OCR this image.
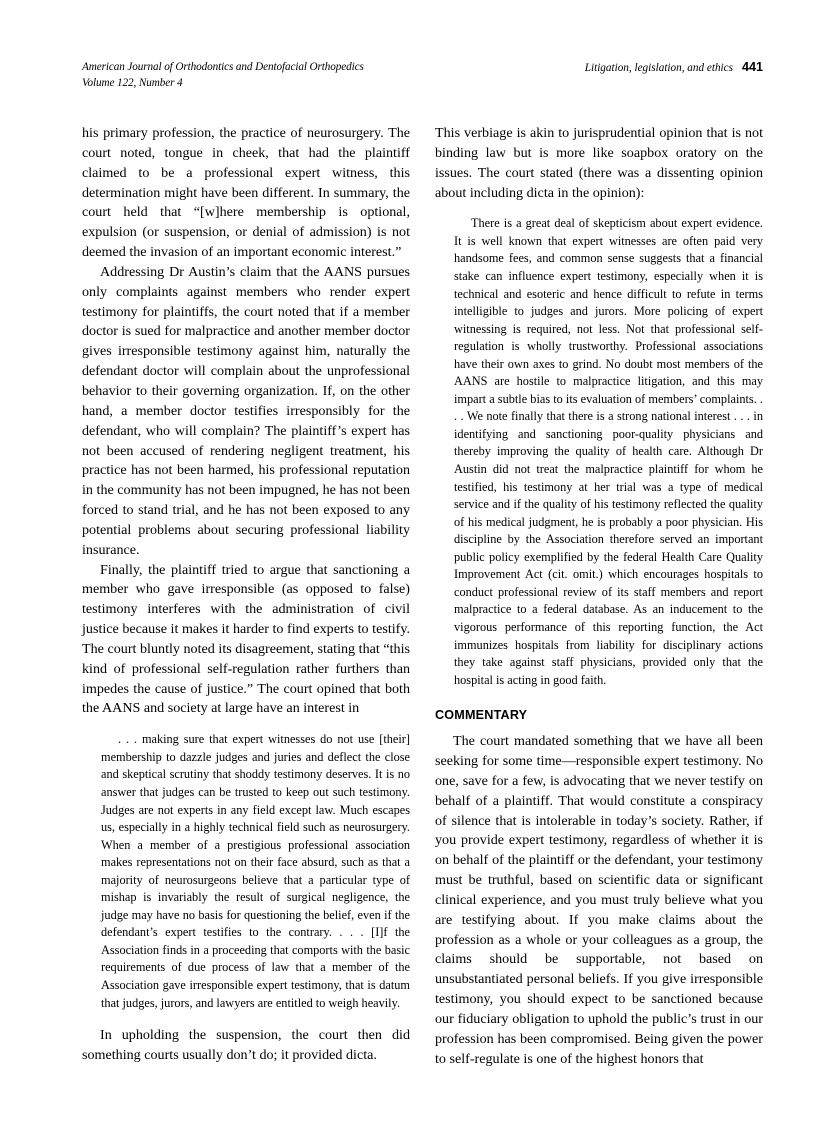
American Journal of Orthodontics and Dentofacial Orthopedics
Volume 122, Number 4
Litigation, legislation, and ethics 441

his primary profession, the practice of neurosurgery. The court noted, tongue in cheek, that had the plaintiff claimed to be a professional expert witness, this determination might have been different. In summary, the court held that “[w]here membership is optional, expulsion (or suspension, or denial of admission) is not deemed the invasion of an important economic interest.”

Addressing Dr Austin’s claim that the AANS pursues only complaints against members who render expert testimony for plaintiffs, the court noted that if a member doctor is sued for malpractice and another member doctor gives irresponsible testimony against him, naturally the defendant doctor will complain about the unprofessional behavior to their governing organization. If, on the other hand, a member doctor testifies irresponsibly for the defendant, who will complain? The plaintiff’s expert has not been accused of rendering negligent treatment, his practice has not been harmed, his professional reputation in the community has not been impugned, he has not been forced to stand trial, and he has not been exposed to any potential problems about securing professional liability insurance.

Finally, the plaintiff tried to argue that sanctioning a member who gave irresponsible (as opposed to false) testimony interferes with the administration of civil justice because it makes it harder to find experts to testify. The court bluntly noted its disagreement, stating that “this kind of professional self-regulation rather furthers than impedes the cause of justice.” The court opined that both the AANS and society at large have an interest in

. . . making sure that expert witnesses do not use [their] membership to dazzle judges and juries and deflect the close and skeptical scrutiny that shoddy testimony deserves. It is no answer that judges can be trusted to keep out such testimony. Judges are not experts in any field except law. Much escapes us, especially in a highly technical field such as neurosurgery. When a member of a prestigious professional association makes representations not on their face absurd, such as that a majority of neurosurgeons believe that a particular type of mishap is invariably the result of surgical negligence, the judge may have no basis for questioning the belief, even if the defendant’s expert testifies to the contrary. . . . [I]f the Association finds in a proceeding that comports with the basic requirements of due process of law that a member of the Association gave irresponsible expert testimony, that is datum that judges, jurors, and lawyers are entitled to weigh heavily.

In upholding the suspension, the court then did something courts usually don’t do; it provided dicta.

This verbiage is akin to jurisprudential opinion that is not binding law but is more like soapbox oratory on the issues. The court stated (there was a dissenting opinion about including dicta in the opinion):

There is a great deal of skepticism about expert evidence. It is well known that expert witnesses are often paid very handsome fees, and common sense suggests that a financial stake can influence expert testimony, especially when it is technical and esoteric and hence difficult to refute in terms intelligible to judges and jurors. More policing of expert witnessing is required, not less. Not that professional self-regulation is wholly trustworthy. Professional associations have their own axes to grind. No doubt most members of the AANS are hostile to malpractice litigation, and this may impart a subtle bias to its evaluation of members’ complaints. . . . We note finally that there is a strong national interest . . . in identifying and sanctioning poor-quality physicians and thereby improving the quality of health care. Although Dr Austin did not treat the malpractice plaintiff for whom he testified, his testimony at her trial was a type of medical service and if the quality of his testimony reflected the quality of his medical judgment, he is probably a poor physician. His discipline by the Association therefore served an important public policy exemplified by the federal Health Care Quality Improvement Act (cit. omit.) which encourages hospitals to conduct professional review of its staff members and report malpractice to a federal database. As an inducement to the vigorous performance of this reporting function, the Act immunizes hospitals from liability for disciplinary actions they take against staff physicians, provided only that the hospital is acting in good faith.

COMMENTARY

The court mandated something that we have all been seeking for some time—responsible expert testimony. No one, save for a few, is advocating that we never testify on behalf of a plaintiff. That would constitute a conspiracy of silence that is intolerable in today’s society. Rather, if you provide expert testimony, regardless of whether it is on behalf of the plaintiff or the defendant, your testimony must be truthful, based on scientific data or significant clinical experience, and you must truly believe what you are testifying about. If you make claims about the profession as a whole or your colleagues as a group, the claims should be supportable, not based on unsubstantiated personal beliefs. If you give irresponsible testimony, you should expect to be sanctioned because our fiduciary obligation to uphold the public’s trust in our profession has been compromised. Being given the power to self-regulate is one of the highest honors that
